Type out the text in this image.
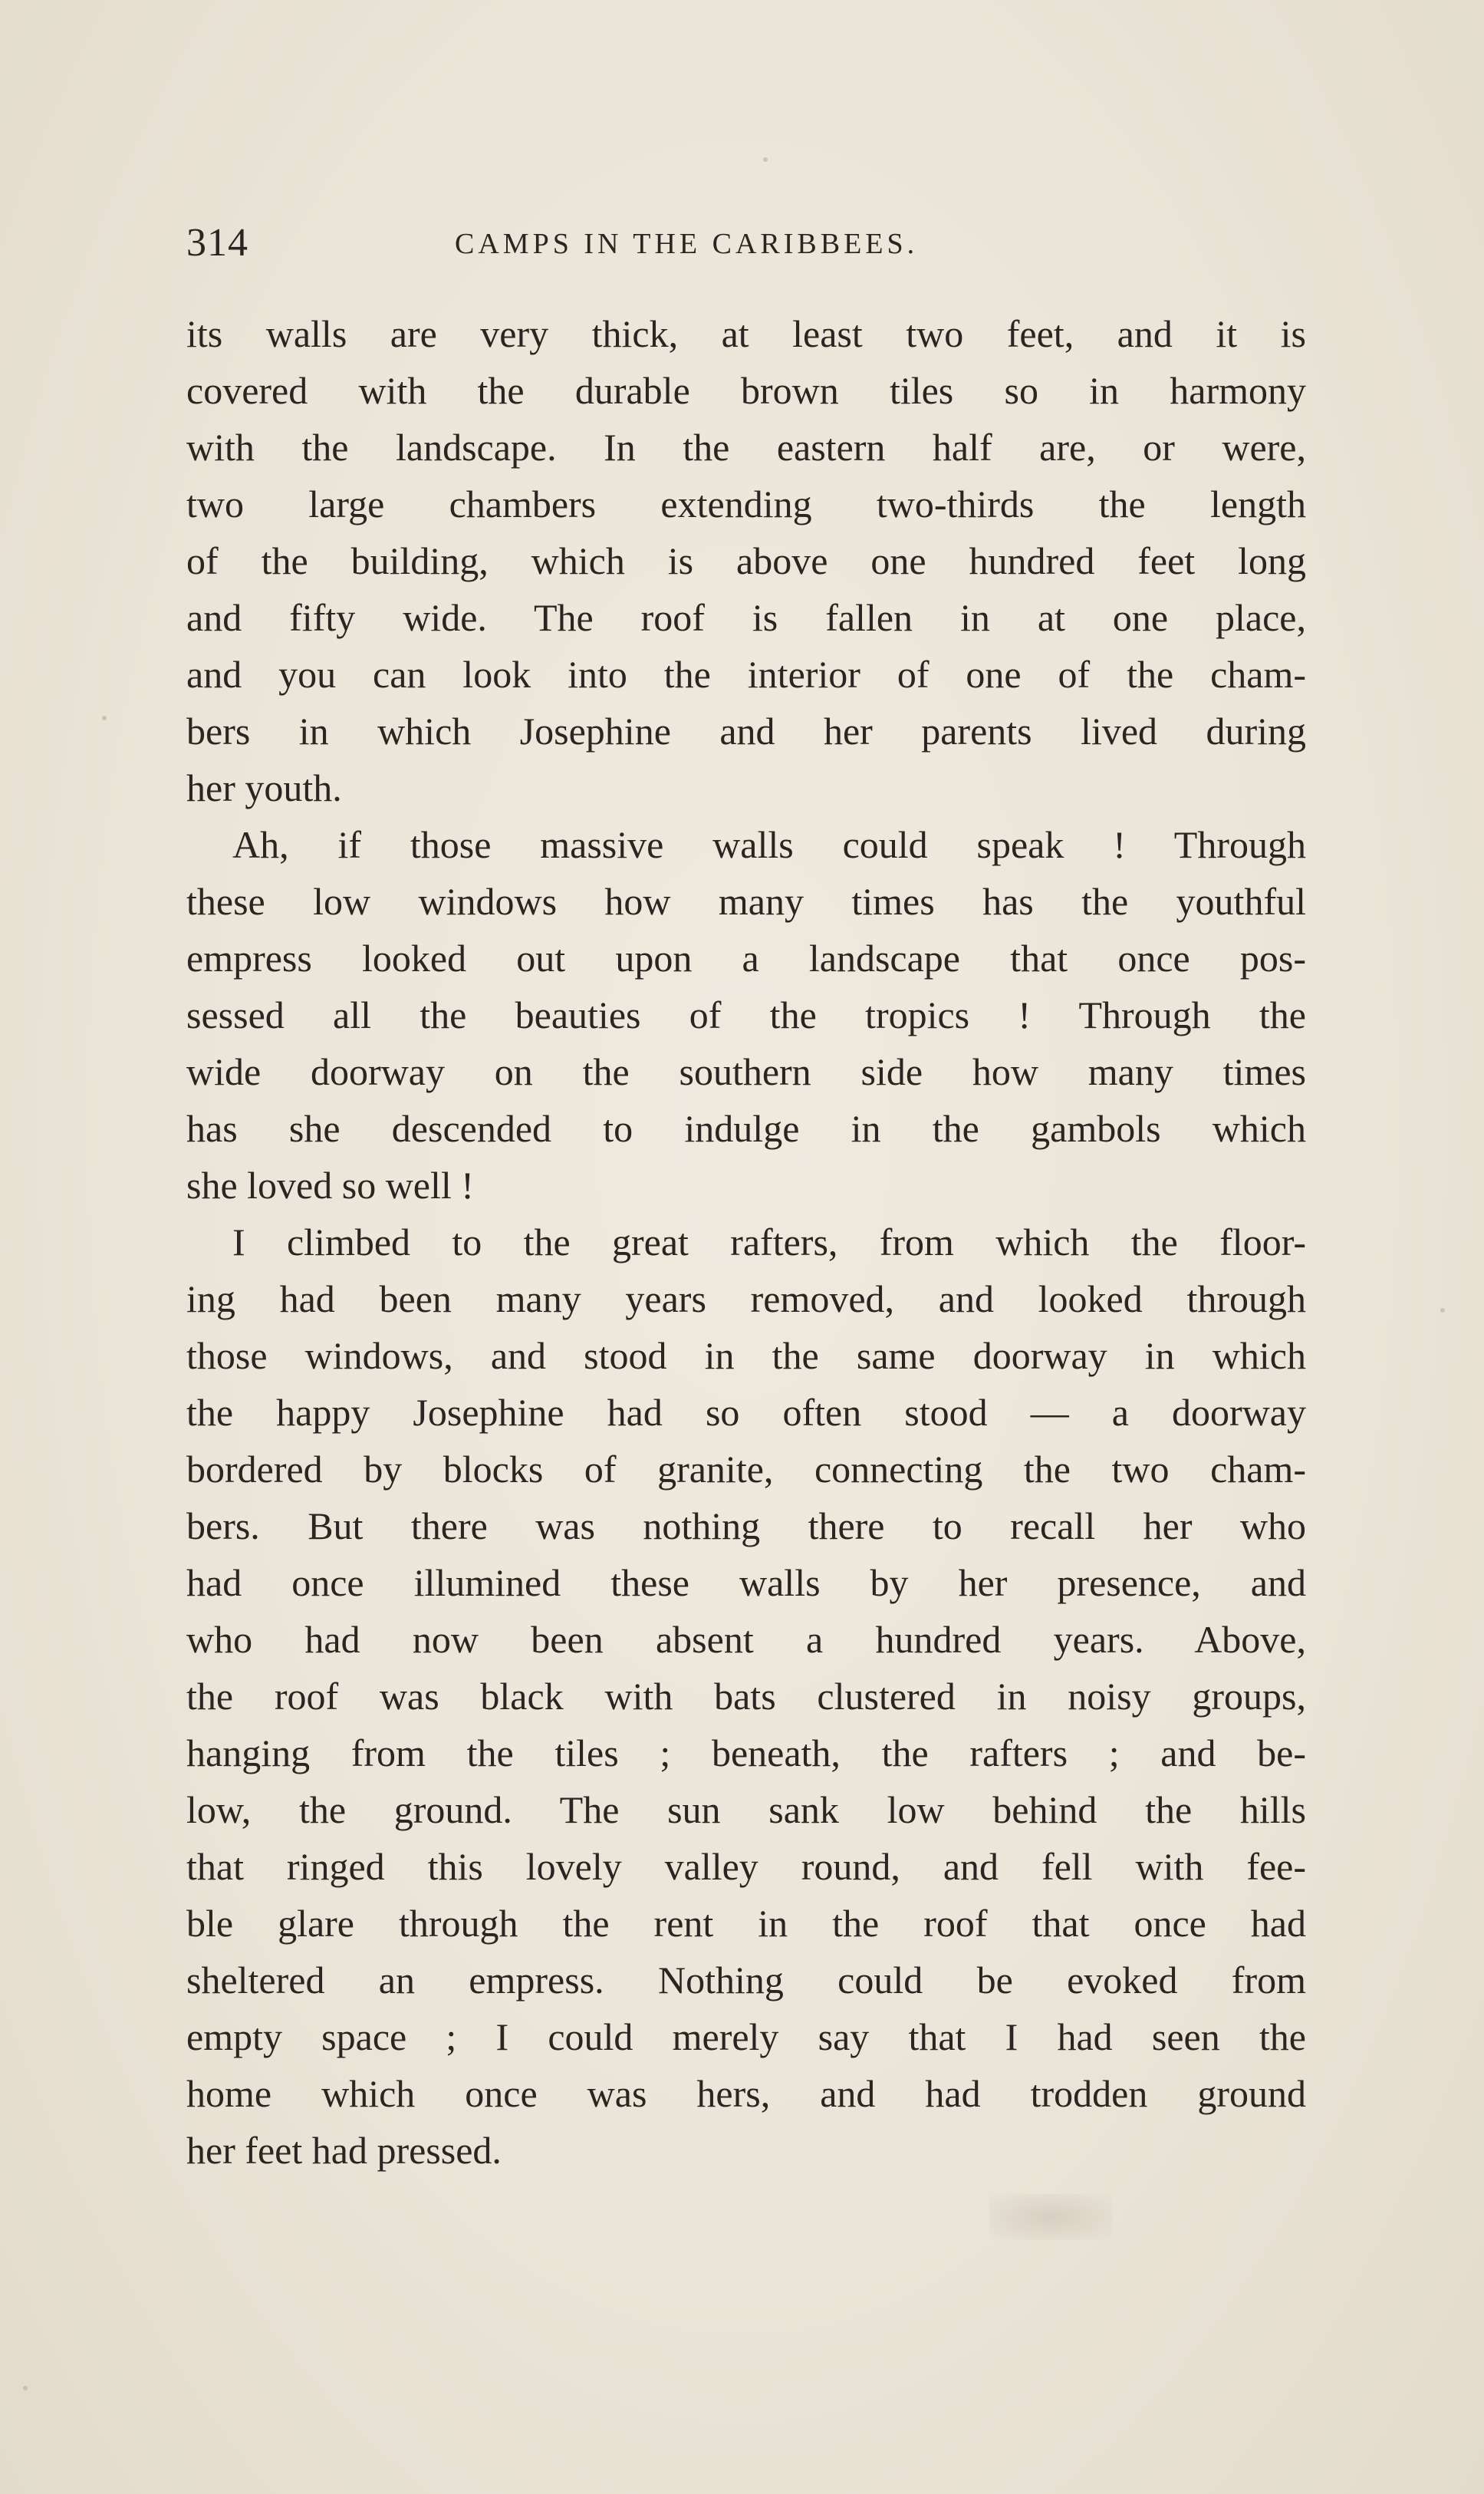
314	CAMPS IN THE CARIBBEES.
its walls are very thick, at least two feet, and it is
covered with the durable brown tiles so in harmony
with the landscape. In the eastern half are, or were,
two large chambers extending two-thirds the length
of the building, which is above one hundred feet long
and fifty wide. The roof is fallen in at one place,
and you can look into the interior of one of the cham-
bers in which Josephine and her parents lived during
her youth.
Ah, if those massive walls could speak ! Through
these low windows how many times has the youthful
empress looked out upon a landscape that once pos-
sessed all the beauties of the tropics ! Through the
wide doorway on the southern side how many times
has she descended to indulge in the gambols which
she loved so well !
I climbed to the great rafters, from which the floor-
ing had been many years removed, and looked through
those windows, and stood in the same doorway in which
the happy Josephine had so often stood — a doorway
bordered by blocks of granite, connecting the two cham-
bers. But there was nothing there to recall her who
had once illumined these walls by her presence, and
who had now been absent a hundred years. Above,
the roof was black with bats clustered in noisy groups,
hanging from the tiles ; beneath, the rafters ; and be-
low, the ground. The sun sank low behind the hills
that ringed this lovely valley round, and fell with fee-
ble glare through the rent in the roof that once had
sheltered an empress. Nothing could be evoked from
empty space ; I could merely say that I had seen the
home which once was hers, and had trodden ground
her feet had pressed.
